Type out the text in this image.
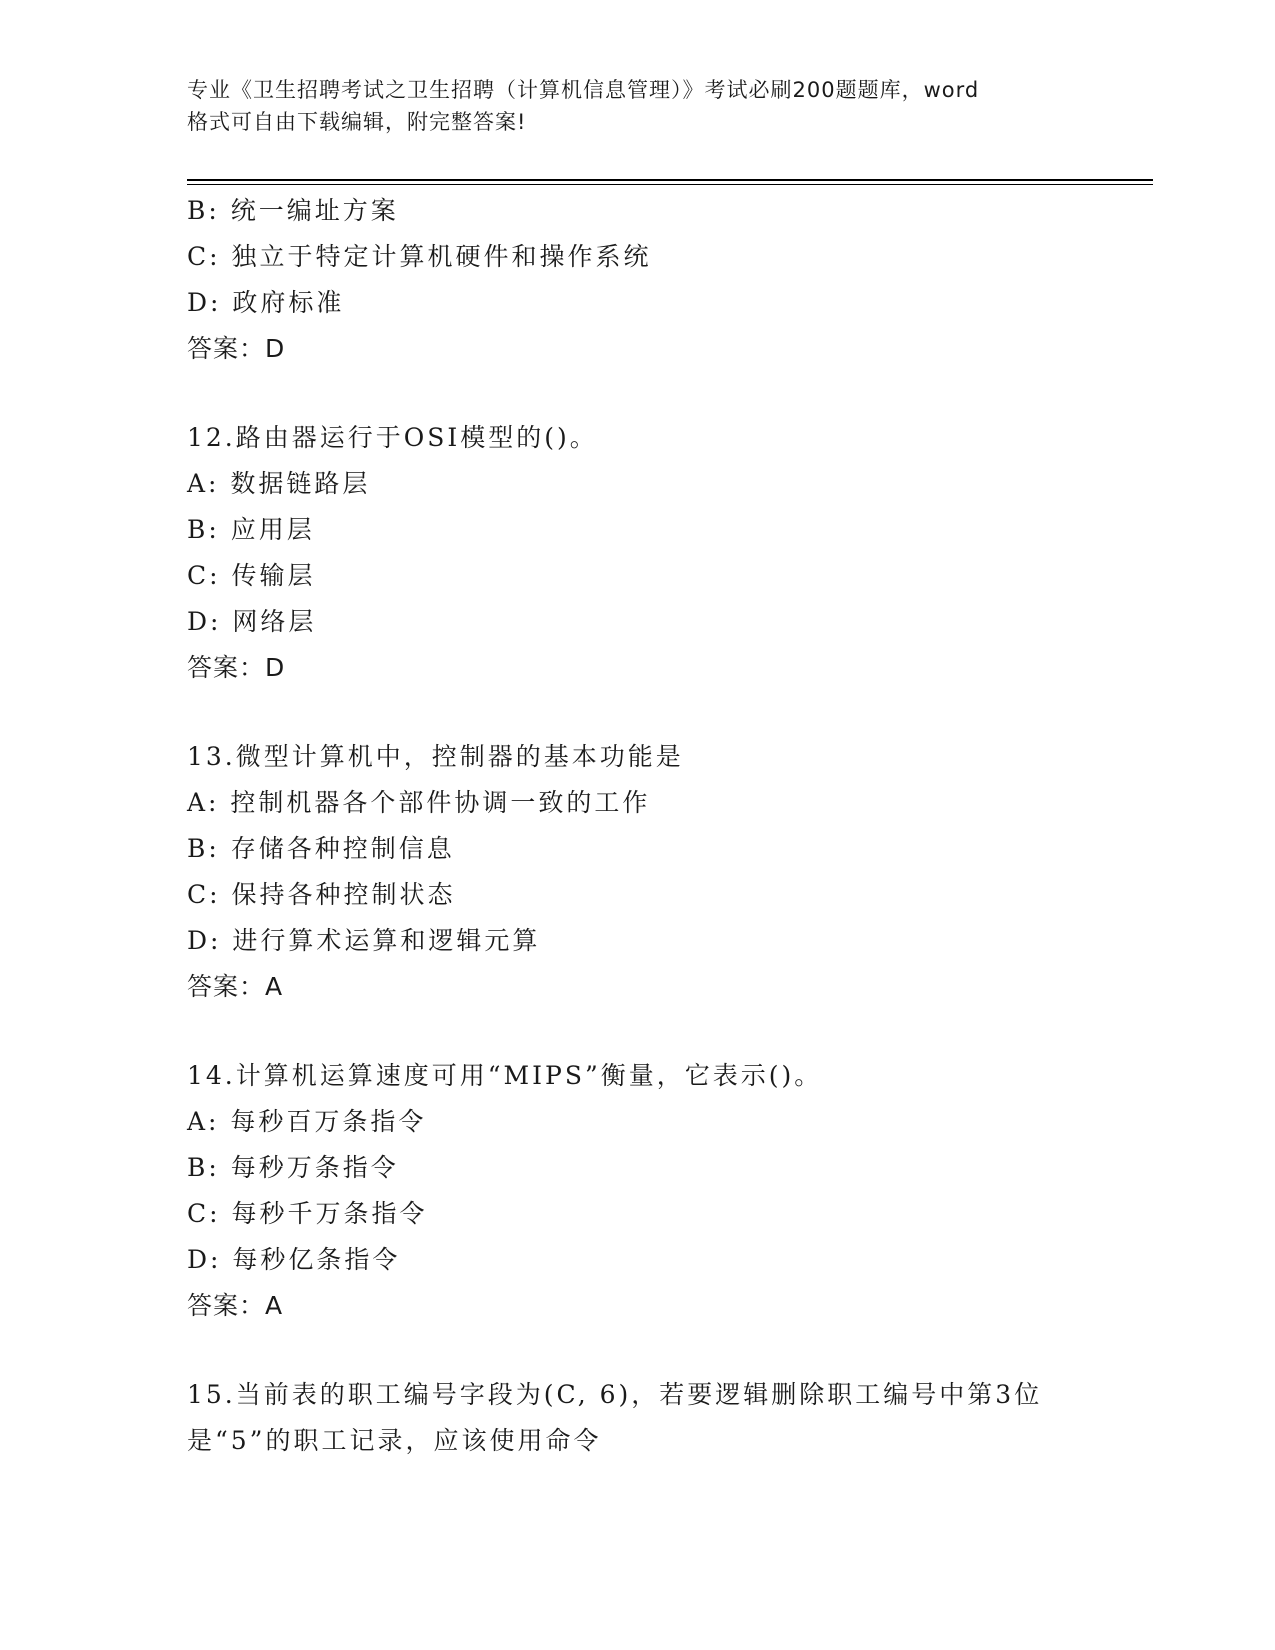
专业《卫生招聘考试之卫生招聘（计算机信息管理）》考试必刷200题题库，word
格式可自由下载编辑，附完整答案!
B: 统一编址方案
C: 独立于特定计算机硬件和操作系统
D: 政府标准
答案：D
12.路由器运行于OSI模型的()。
A: 数据链路层
B: 应用层
C: 传输层
D: 网络层
答案：D
13.微型计算机中，控制器的基本功能是
A: 控制机器各个部件协调一致的工作
B: 存储各种控制信息
C: 保持各种控制状态
D: 进行算术运算和逻辑元算
答案：A
14.计算机运算速度可用“MIPS”衡量，它表示()。
A: 每秒百万条指令
B: 每秒万条指令
C: 每秒千万条指令
D: 每秒亿条指令
答案：A
15.当前表的职工编号字段为(C, 6)，若要逻辑删除职工编号中第3位
是“5”的职工记录，应该使用命令
